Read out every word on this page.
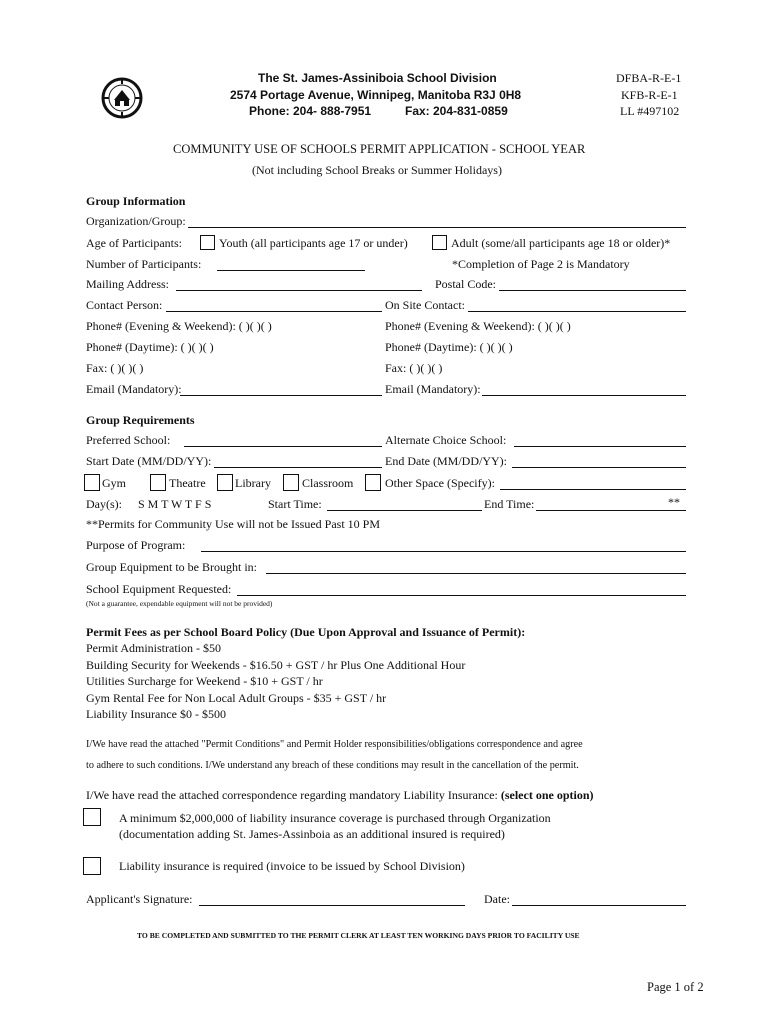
The St. James-Assiniboia School Division
2574 Portage Avenue, Winnipeg, Manitoba R3J 0H8
Phone: 204- 888-7951	Fax: 204-831-0859
DFBA-R-E-1
KFB-R-E-1
LL #497102
COMMUNITY USE OF SCHOOLS PERMIT APPLICATION - SCHOOL YEAR
(Not including School Breaks or Summer Holidays)
Group Information
Organization/Group:
Age of Participants:	Youth (all participants age 17 or under)	Adult (some/all participants age 18 or older)*
Number of Participants:	*Completion of Page 2 is Mandatory
Mailing Address:	Postal Code:
Contact Person:	On Site Contact:
Phone# (Evening & Weekend): ( )( )( )	Phone# (Evening & Weekend): ( )( )( )
Phone# (Daytime): ( )( )( )	Phone# (Daytime): ( )( )( )
Fax: ( )( )( )	Fax: ( )( )( )
Email (Mandatory):	Email (Mandatory):
Group Requirements
Preferred School:	Alternate Choice School:
Start Date (MM/DD/YY):	End Date (MM/DD/YY):
Gym	Theatre Library	Classroom	Other Space (Specify):
Day(s): S M T W T F S	Start Time:	End Time:	**
**Permits for Community Use will not be Issued Past 10 PM
Purpose of Program:
Group Equipment to be Brought in:
School Equipment Requested:
(Not a guarantee, expendable equipment will not be provided)
Permit Fees as per School Board Policy (Due Upon Approval and Issuance of Permit):
Permit Administration - $50
Building Security for Weekends - $16.50 + GST / hr Plus One Additional Hour
Utilities Surcharge for Weekend - $10 + GST / hr
Gym Rental Fee for Non Local Adult Groups - $35 + GST / hr
Liability Insurance $0 - $500
I/We have read the attached "Permit Conditions" and Permit Holder responsibilities/obligations correspondence and agree
to adhere to such conditions. I/We understand any breach of these conditions may result in the cancellation of the permit.
I/We have read the attached correspondence regarding mandatory Liability Insurance: (select one option)
A minimum $2,000,000 of liability insurance coverage is purchased through Organization
(documentation adding St. James-Assinboia as an additional insured is required)
Liability insurance is required (invoice to be issued by School Division)
Applicant's Signature:	Date:
TO BE COMPLETED AND SUBMITTED TO THE PERMIT CLERK AT LEAST TEN WORKING DAYS PRIOR TO FACILITY USE
Page 1 of 2
